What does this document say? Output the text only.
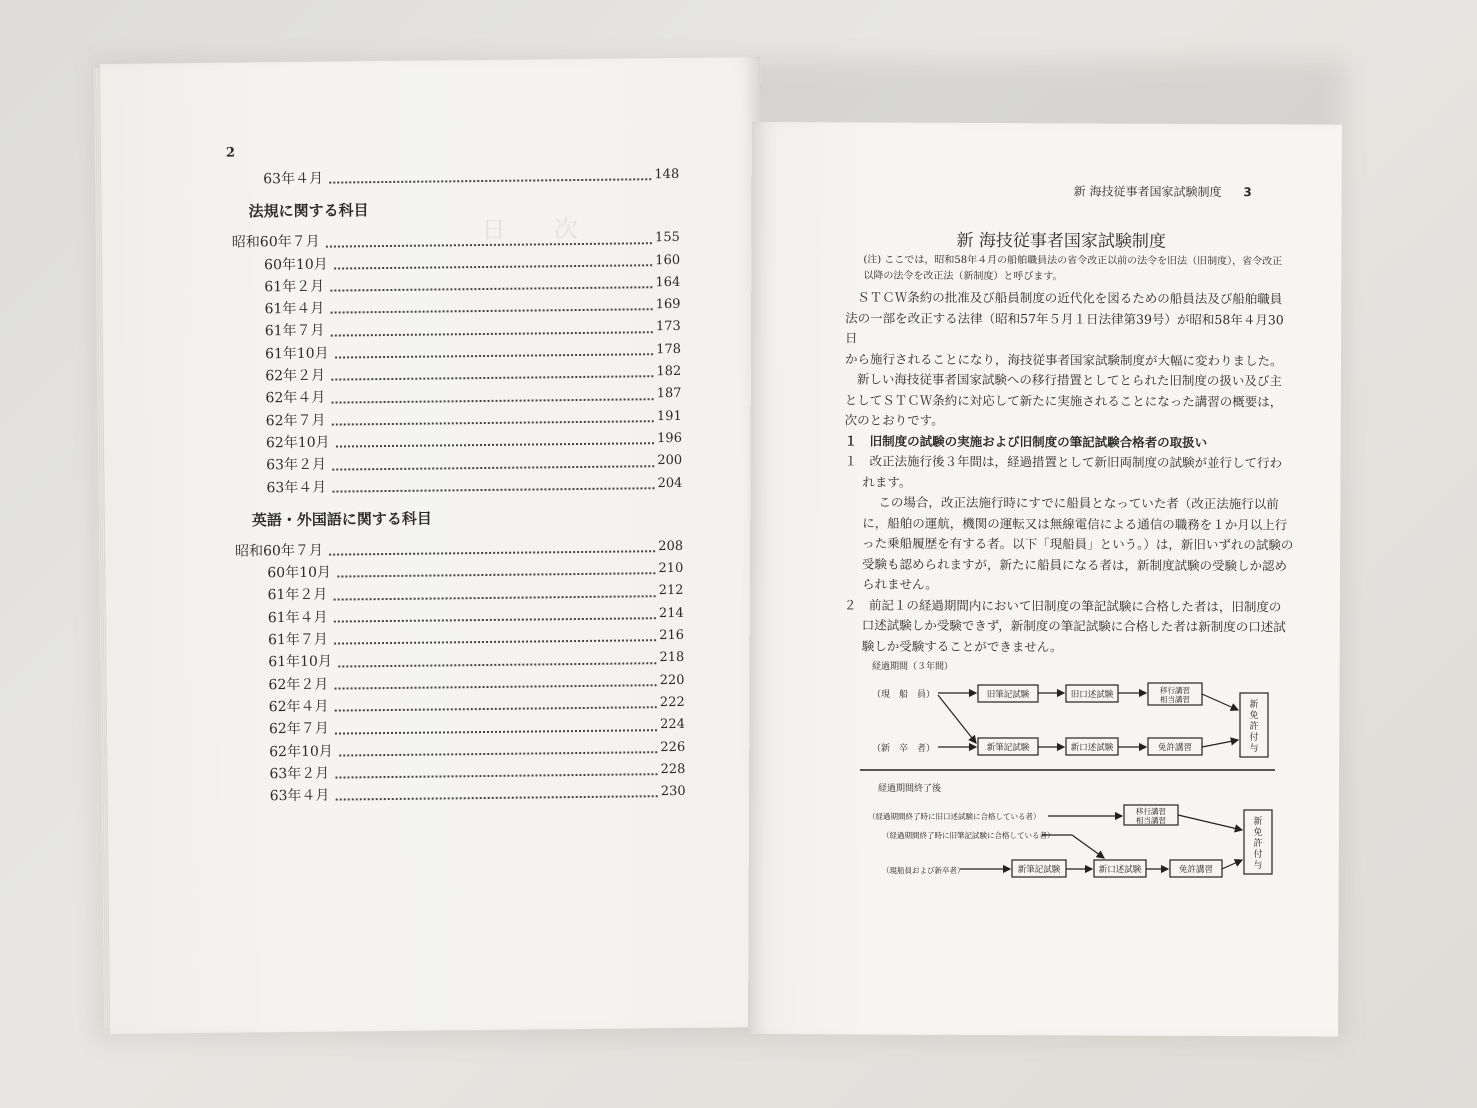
2
日　　次
63年４月	148
法規に関する科目
昭和60年７月	155
60年10月	160
61年２月	164
61年４月	169
61年７月	173
61年10月	178
62年２月	182
62年４月	187
62年７月	191
62年10月	196
63年２月	200
63年４月	204
英語・外国語に関する科目
昭和60年７月	208
60年10月	210
61年２月	212
61年４月	214
61年７月	216
61年10月	218
62年２月	220
62年４月	222
62年７月	224
62年10月	226
63年２月	228
63年４月	230
新 海技従事者国家試験制度 3
新 海技従事者国家試験制度
(注) ここでは，昭和58年４月の船舶職員法の省令改正以前の法令を旧法（旧制度），省令改正
以降の法令を改正法（新制度）と呼びます。

ＳＴＣＷ条約の批准及び船員制度の近代化を図るための船員法及び船舶職員
法の一部を改正する法律（昭和57年５月１日法律第39号）が昭和58年４月30日
から施行されることになり，海技従事者国家試験制度が大幅に変わりました。

新しい海技従事者国家試験への移行措置としてとられた旧制度の扱い及び主
としてＳＴＣＷ条約に対応して新たに実施されることになった講習の概要は，
次のとおりです。

１　旧制度の試験の実施および旧制度の筆記試験合格者の取扱い

１　改正法施行後３年間は，経過措置として新旧両制度の試験が並行して行わ
れます。

この場合，改正法施行時にすでに船員となっていた者（改正法施行以前
に，船舶の運航，機関の運転又は無線電信による通信の職務を１か月以上行
った乗船履歴を有する者。以下「現船員」という。）は，新旧いずれの試験の
受験も認められますが，新たに船員になる者は，新制度試験の受験しか認め
られません。

２　前記１の経過期間内において旧制度の筆記試験に合格した者は，旧制度の
口述試験しか受験できず，新制度の筆記試験に合格した者は新制度の口述試
験しか受験することができません。

経過期間（３年間）
（現　船　員）
（新　卒　者）
旧筆記試験	旧口述試験	移行講習
相当講習
新筆記試験	新口述試験	免許講習
新
免
許
付
与
経過期間終了後
（経過期間終了時に旧口述試験に合格している者）
（経過期間終了時に旧筆記試験に合格している者）
（現船員および新卒者）
移行講習
相当講習
新筆記試験	新口述試験	免許講習
新
免
許
付
与
